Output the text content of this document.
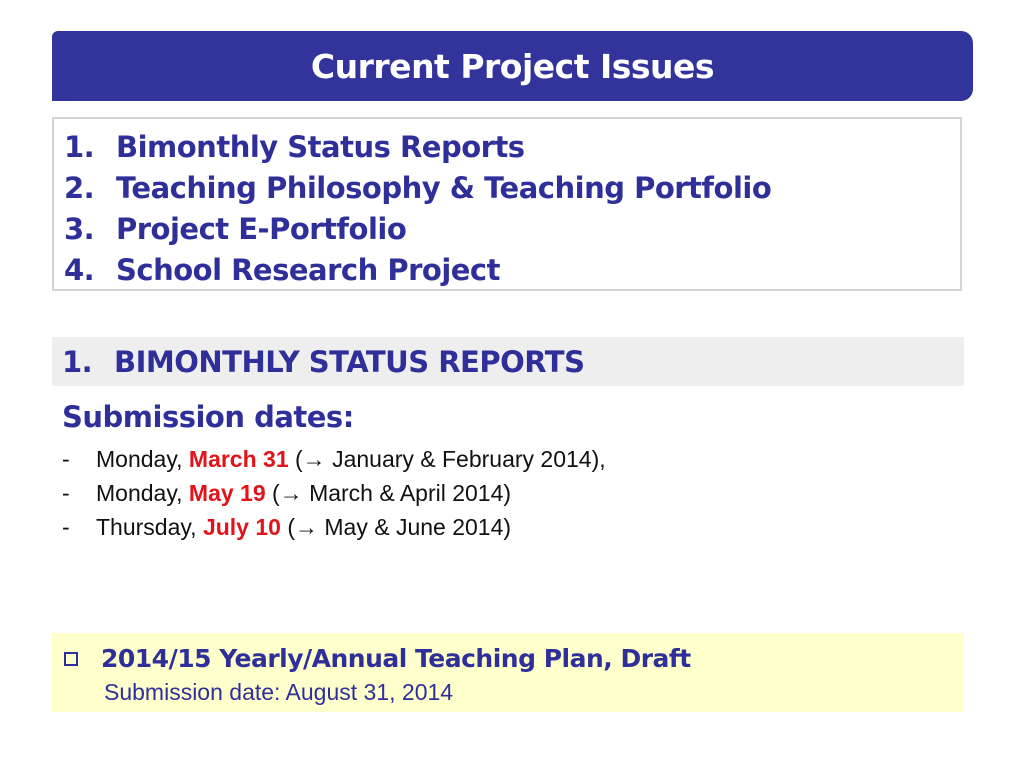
Current Project Issues
1. Bimonthly Status Reports
2. Teaching Philosophy & Teaching Portfolio
3. Project E-Portfolio
4. School Research Project
1. BIMONTHLY STATUS REPORTS
Submission dates:
-	Monday, March 31 (→ January & February 2014),
-	Monday, May 19 (→ March & April 2014)
-	Thursday, July 10 (→ May & June 2014)
2014/15 Yearly/Annual Teaching Plan, Draft
Submission date: August 31, 2014
